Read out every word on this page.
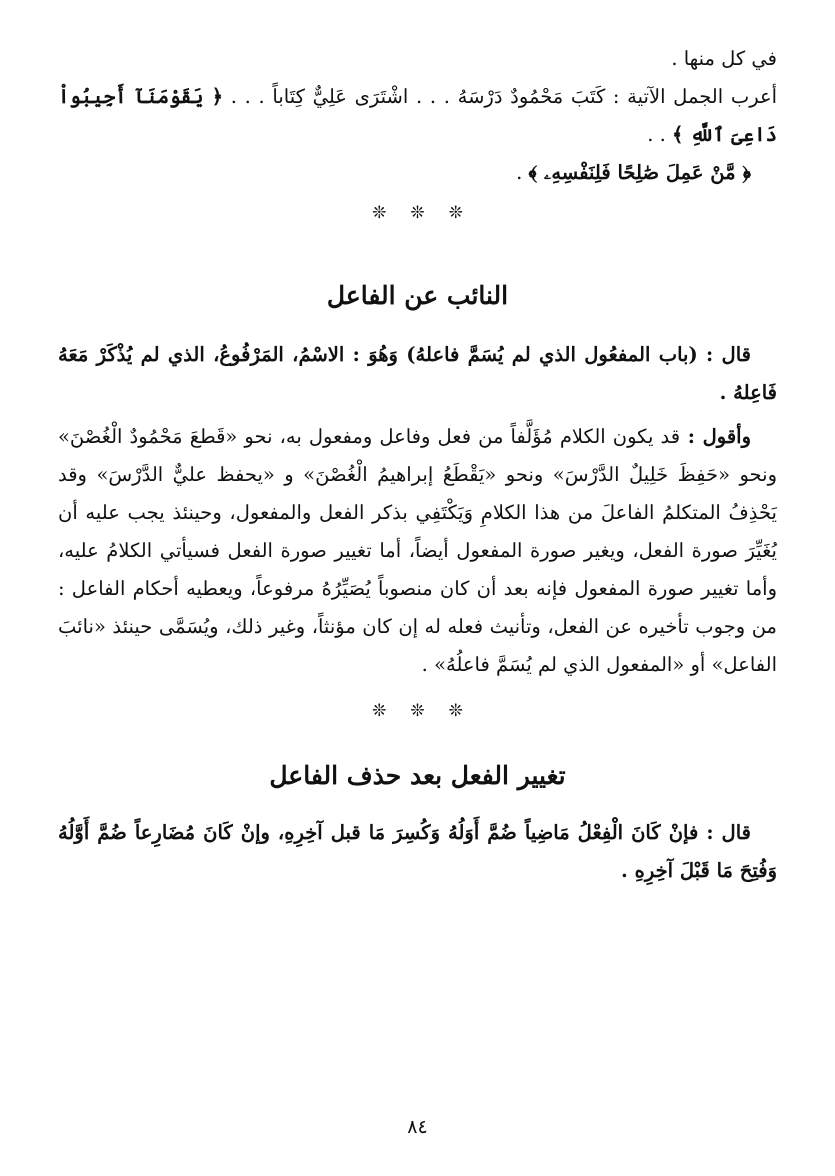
في كل منها .

أعرب الجمل الآتية : كَتَبَ مَحْمُودٌ دَرْسَهُ . . . اشْتَرَى عَلِيٌّ كِتَاباً . . . ﴿ يَقَوْمَنَآ أَجِيبُواْ دَاعِىَ ٱللَّهِ ﴾ . .

﴿ مَّنْ عَمِلَ صَٰلِحًا فَلِنَفْسِهِۦ ﴾ .

❊❊❊
النائب عن الفاعل

قال : (باب المفعُول الذي لم يُسَمَّ فاعلهُ) وَهُوَ : الاسْمُ، المَرْفُوعُ، الذي لم يُذْكَرْ مَعَهُ فَاعِلهُ .

وأقول : قد يكون الكلام مُؤَلَّفاً من فعل وفاعل ومفعول به، نحو «قَطعَ مَحْمُودٌ الْغُصْنَ» ونحو «حَفِظَ خَلِيلٌ الدَّرْسَ» ونحو «يَقْطَعُ إبراهيمُ الْغُصْنَ» و «يحفظ عليٌّ الدَّرْسَ» وقد يَحْذِفُ المتكلمُ الفاعلَ من هذا الكلامِ وَيَكْتَفِي بذكر الفعل والمفعول، وحينئذ يجب عليه أن يُغَيِّرَ صورة الفعل، ويغير صورة المفعول أيضاً، أما تغيير صورة الفعل فسيأتي الكلامُ عليه، وأما تغيير صورة المفعول فإنه بعد أن كان منصوباً يُصَيِّرُهُ مرفوعاً، ويعطيه أحكام الفاعل : من وجوب تأخيره عن الفعل، وتأنيث فعله له إن كان مؤنثاً، وغير ذلك، ويُسَمَّى حينئذ «نائبَ الفاعل» أو «المفعول الذي لم يُسَمَّ فاعلُهُ» .

❊❊❊
تغيير الفعل بعد حذف الفاعل

قال : فإنْ كَانَ الْفِعْلُ مَاضِياً ضُمَّ أَوَلُهُ وَكُسِرَ مَا قبل آخِرِهِ، وإنْ كَانَ مُضَارِعاً ضُمَّ أَوَّلُهُ وَفُتِحَ مَا قَبْلَ آخِرِهِ .

٨٤
